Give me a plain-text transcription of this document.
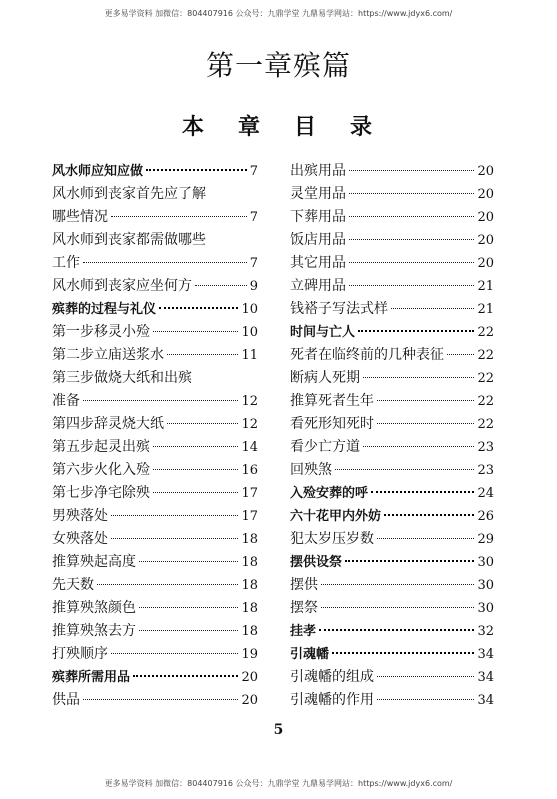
更多易学资料 加微信：804407916 公众号：九鼎学堂 九鼎易学网站：https://www.jdyx6.com/
第一章殡篇
本 章 目 录
风水师应知应做	7
风水师到丧家首先应了解
哪些情况	7
风水师到丧家都需做哪些
工作	7
风水师到丧家应坐何方	9
殡葬的过程与礼仪	10
第一步移灵小殓	10
第二步立庙送浆水	11
第三步做烧大纸和出殡
准备	12
第四步辞灵烧大纸	12
第五步起灵出殡	14
第六步火化入殓	16
第七步净宅除殃	17
男殃落处	17
女殃落处	18
推算殃起高度	18
先天数	18
推算殃煞颜色	18
推算殃煞去方	18
打殃顺序	19
殡葬所需用品	20
供品	20
出殡用品	20
灵堂用品	20
下葬用品	20
饭店用品	20
其它用品	20
立碑用品	21
钱褡子写法式样	21
时间与亡人	22
死者在临终前的几种表征	22
断病人死期	22
推算死者生年	22
看死形知死时	22
看少亡方道	23
回殃煞	23
入殓安葬的呼	24
六十花甲内外妨	26
犯太岁压岁数	29
摆供设祭	30
摆供	30
摆祭	30
挂孝	32
引魂幡	34
引魂幡的组成	34
引魂幡的作用	34
5
更多易学资料 加微信：804407916 公众号：九鼎学堂 九鼎易学网站：https://www.jdyx6.com/
